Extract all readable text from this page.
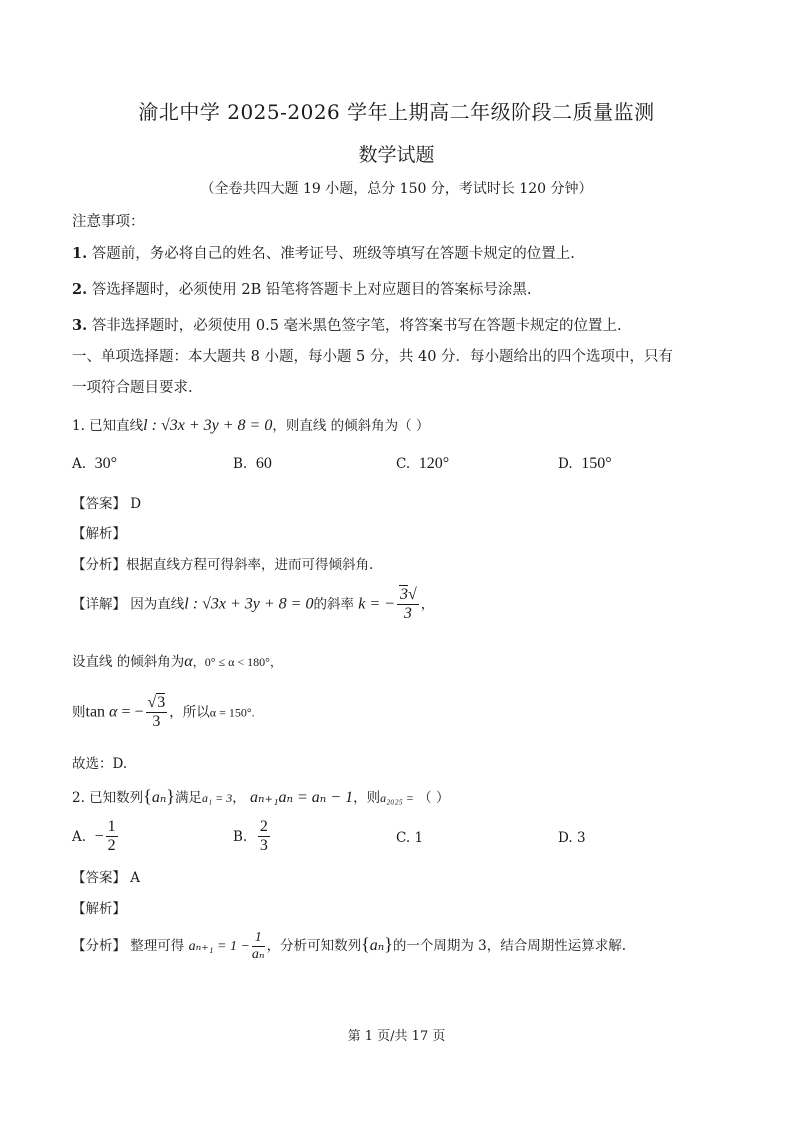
渝北中学 2025-2026 学年上期高二年级阶段二质量监测
数学试题
（全卷共四大题 19 小题，总分 150 分，考试时长 120 分钟）
注意事项：
1. 答题前，务必将自己的姓名、准考证号、班级等填写在答题卡规定的位置上.
2. 答选择题时，必须使用 2B 铅笔将答题卡上对应题目的答案标号涂黑.
3. 答非选择题时，必须使用 0.5 毫米黑色签字笔，将答案书写在答题卡规定的位置上.
一、单项选择题：本大题共 8 小题，每小题 5 分，共 40 分．每小题给出的四个选项中，只有
一项符合题目要求.
1. 已知直线l : √3x + 3y + 8 = 0，则直线 的倾斜角为（ ）
A. 30°	B. 60	C. 120°	D. 150°
【答案】 D
【解析】
【分析】根据直线方程可得斜率，进而可得倾斜角.
【详解】 因为直线l : √3x + 3y + 8 = 0的斜率 k = − $\frac{3√}{3}$ ，
设直线 的倾斜角为α，0° ≤ α < 180°，
则tan α = − $\frac{√3}{3}$ ，所以α = 150°.
故选：D.
2. 已知数列{aₙ}满足a₁ = 3， aₙ₊₁aₙ = aₙ − 1，则a₂₀₂₅ = （ ）
A. − $\frac{1}{2}$	B. $\frac{2}{3}$	C. 1	D. 3
【答案】 A
【解析】
【分析】 整理可得 $a_{n+1} = 1 - \frac{1}{\text{aₙ}}$ ，分析可知数列{aₙ}的一个周期为 3，结合周期性运算求解.
第 1 页/共 17 页
